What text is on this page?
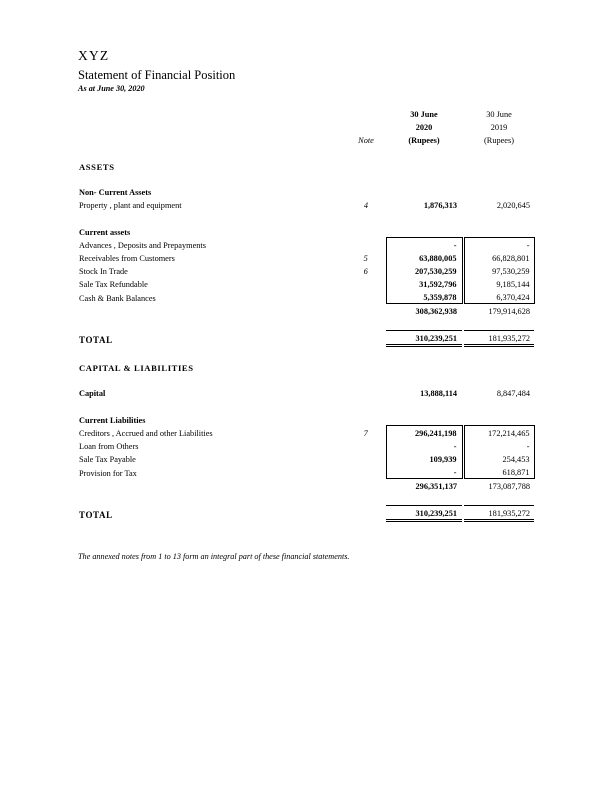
XYZ
Statement of Financial Position
As at June 30, 2020

		30 June		30 June
		2020		2019
	Note	(Rupees)		(Rupees)

ASSETS				

Non- Current Assets				
Property , plant and equipment	4	1,876,313		2,020,645

Current assets				
Advances , Deposits and Prepayments		-		-
Receivables from Customers	5	63,880,005		66,828,801
Stock In Trade	6	207,530,259		97,530,259
Sale Tax Refundable		31,592,796		9,185,144
Cash & Bank Balances		5,359,878		6,370,424
		308,362,938		179,914,628

TOTAL		310,239,251		181,935,272

CAPITAL & LIABILITIES				

Capital		13,888,114		8,847,484

Current Liabilities				
Creditors , Accrued and other Liabilities	7	296,241,198		172,214,465
Loan from Others		-		-
Sale Tax Payable		109,939		254,453
Provision for Tax		-		618,871
		296,351,137		173,087,788

TOTAL		310,239,251		181,935,272
The annexed notes from 1 to 13 form an integral part of these financial statements.
